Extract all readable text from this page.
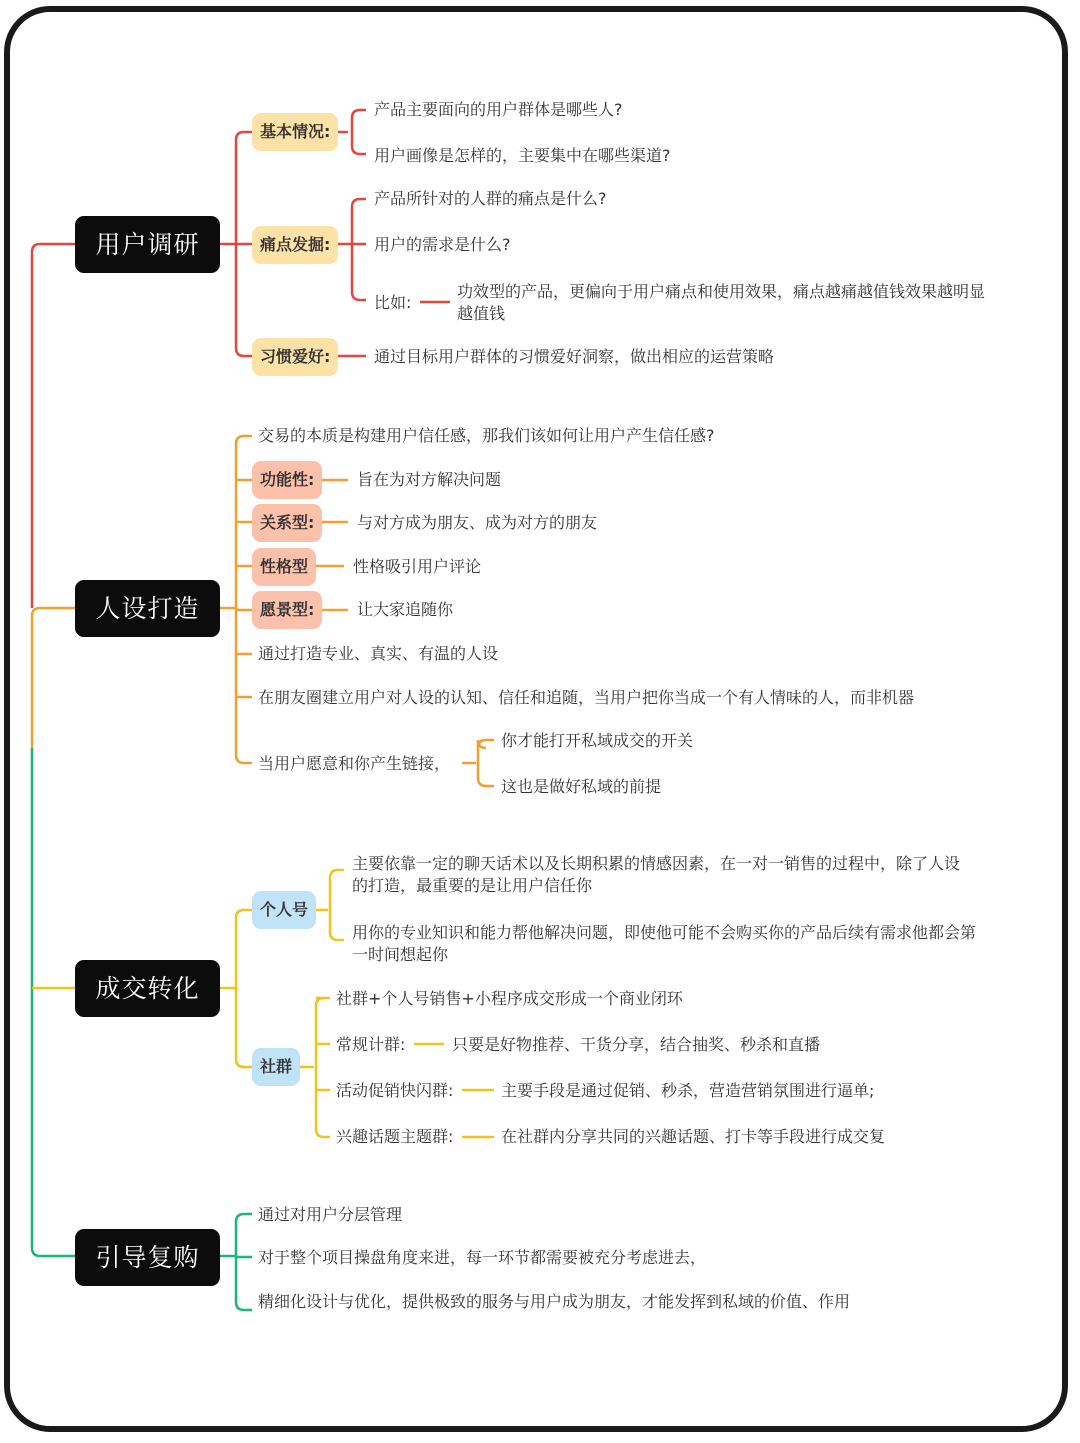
用户调研
人设打造
成交转化
引导复购
基本情况:
产品主要面向的用户群体是哪些人?
用户画像是怎样的，主要集中在哪些渠道?
痛点发掘:
产品所针对的人群的痛点是什么?
用户的需求是什么?
比如:
功效型的产品，更偏向于用户痛点和使用效果，痛点越痛越值钱效果越明显越值钱
习惯爱好:	通过目标用户群体的习惯爱好洞察，做出相应的运营策略
交易的本质是构建用户信任感，那我们该如何让用户产生信任感?
功能性:	旨在为对方解决问题
关系型:	与对方成为朋友、成为对方的朋友
性格型	性格吸引用户评论
愿景型:	让大家追随你
通过打造专业、真实、有温的人设
在朋友圈建立用户对人设的认知、信任和追随，当用户把你当成一个有人情味的人，而非机器
当用户愿意和你产生链接，
你才能打开私域成交的开关
这也是做好私域的前提
个人号
主要依靠一定的聊天话术以及长期积累的情感因素，在一对一销售的过程中，除了人设的打造，最重要的是让用户信任你
用你的专业知识和能力帮他解决问题，即使他可能不会购买你的产品后续有需求他都会第一时间想起你
社群
社群+个人号销售+小程序成交形成一个商业闭环
常规计群:	只要是好物推荐、干货分享，结合抽奖、秒杀和直播
活动促销快闪群:	主要手段是通过促销、秒杀，营造营销氛围进行逼单;
兴趣话题主题群:	在社群内分享共同的兴趣话题、打卡等手段进行成交复
通过对用户分层管理
对于整个项目操盘角度来进，每一环节都需要被充分考虑进去，
精细化设计与优化，提供极致的服务与用户成为朋友，才能发挥到私域的价值、作用
